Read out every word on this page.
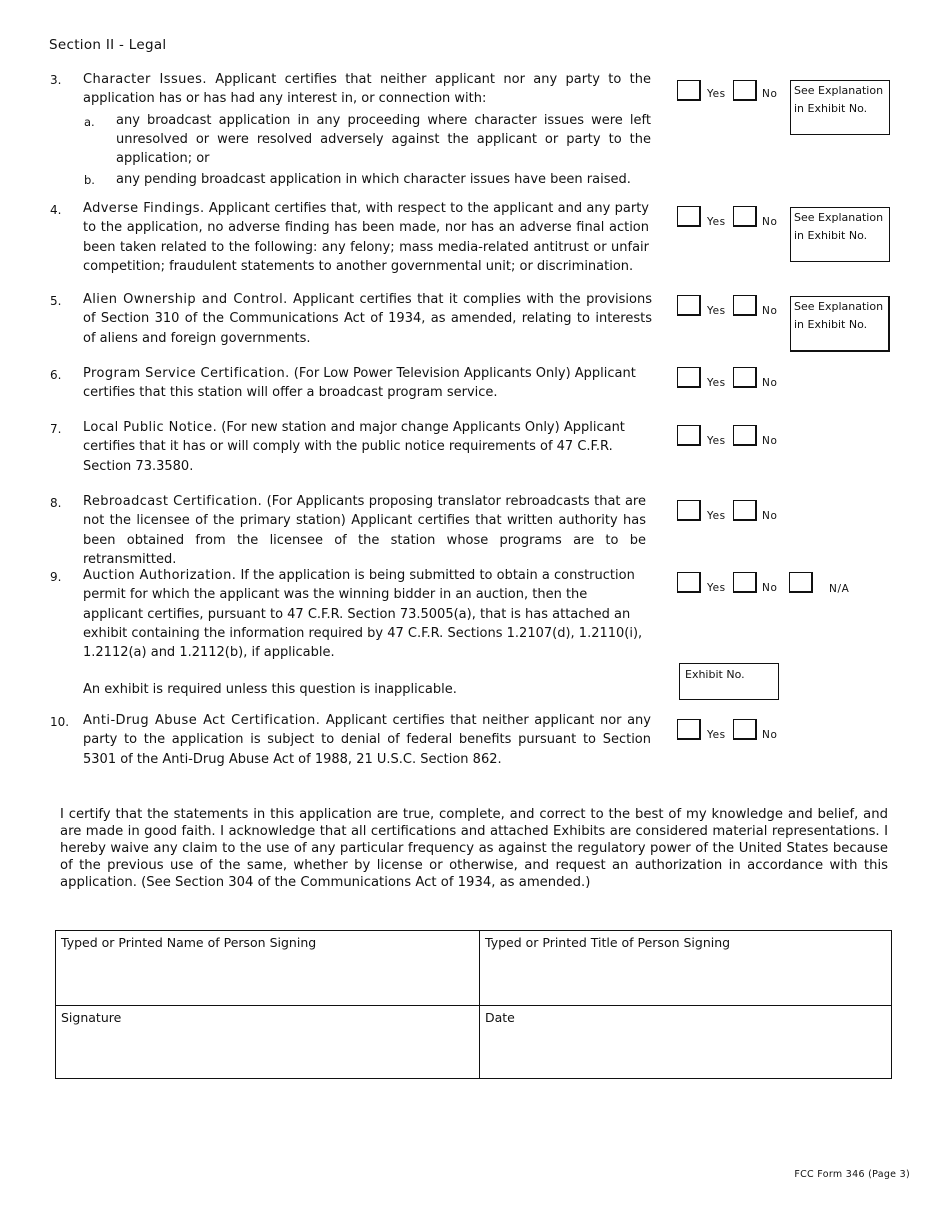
Section II - Legal
3. Character Issues. Applicant certifies that neither applicant nor any party to the application has or has had any interest in, or connection with:
a. any broadcast application in any proceeding where character issues were left unresolved or were resolved adversely against the applicant or party to the application; or
b. any pending broadcast application in which character issues have been raised.
Yes	No See Explanation
in Exhibit No.
4. Adverse Findings. Applicant certifies that, with respect to the applicant and any party to the application, no adverse finding has been made, nor has an adverse final action been taken related to the following: any felony; mass media-related antitrust or unfair competition; fraudulent statements to another governmental unit; or discrimination.
Yes	No See Explanation
in Exhibit No.
5. Alien Ownership and Control. Applicant certifies that it complies with the provisions of Section 310 of the Communications Act of 1934, as amended, relating to interests of aliens and foreign governments.
Yes	No See Explanation
in Exhibit No.
6. Program Service Certification. (For Low Power Television Applicants Only) Applicant certifies that this station will offer a broadcast program service.
Yes	No
7. Local Public Notice. (For new station and major change Applicants Only) Applicant certifies that it has or will comply with the public notice requirements of 47 C.F.R. Section 73.3580.
Yes	No
8. Rebroadcast Certification. (For Applicants proposing translator rebroadcasts that are not the licensee of the primary station) Applicant certifies that written authority has been obtained from the licensee of the station whose programs are to be retransmitted.
Yes	No
9. Auction Authorization. If the application is being submitted to obtain a construction permit for which the applicant was the winning bidder in an auction, then the applicant certifies, pursuant to 47 C.F.R. Section 73.5005(a), that is has attached an exhibit containing the information required by 47 C.F.R. Sections 1.2107(d), 1.2110(i), 1.2112(a) and 1.2112(b), if applicable.
An exhibit is required unless this question is inapplicable.
Yes	No	N/A
Exhibit No.
10. Anti-Drug Abuse Act Certification. Applicant certifies that neither applicant nor any party to the application is subject to denial of federal benefits pursuant to Section 5301 of the Anti-Drug Abuse Act of 1988, 21 U.S.C. Section 862.
Yes	No
I certify that the statements in this application are true, complete, and correct to the best of my knowledge and belief, and are made in good faith. I acknowledge that all certifications and attached Exhibits are considered material representations. I hereby waive any claim to the use of any particular frequency as against the regulatory power of the United States because of the previous use of the same, whether by license or otherwise, and request an authorization in accordance with this application. (See Section 304 of the Communications Act of 1934, as amended.)
Typed or Printed Name of Person Signing	Typed or Printed Title of Person Signing
Signature	Date
FCC Form 346 (Page 3)
